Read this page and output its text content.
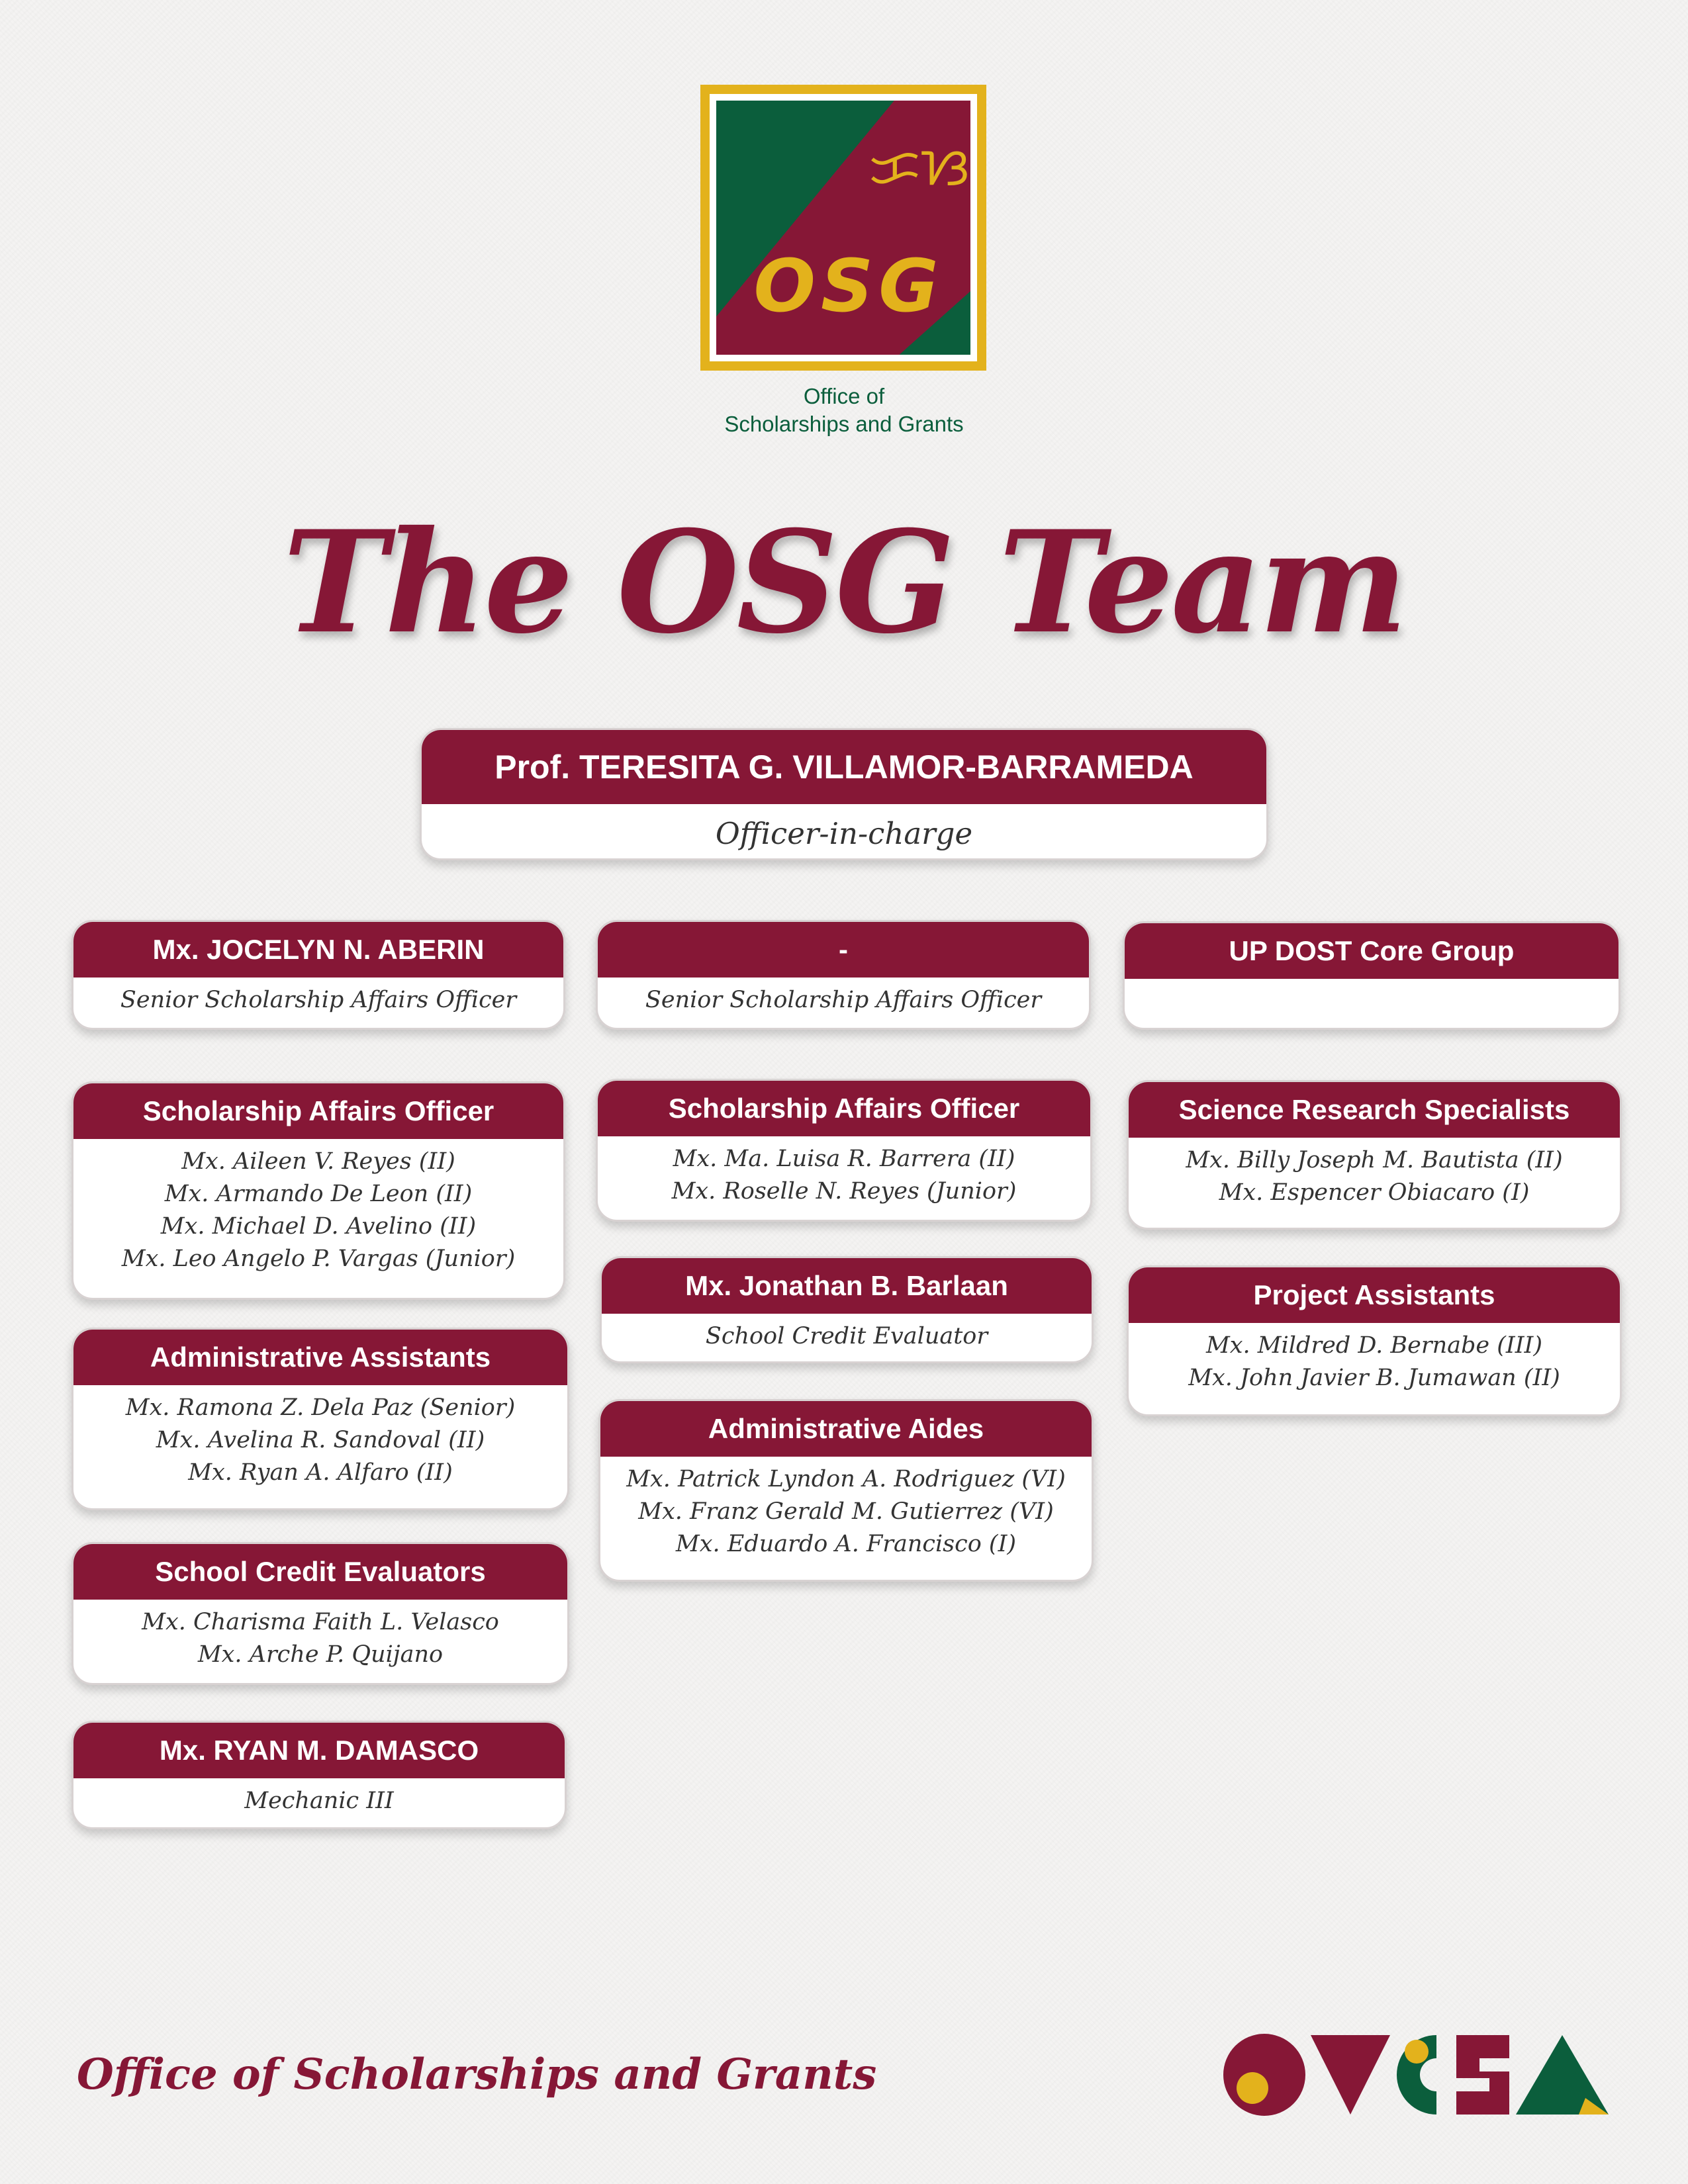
ᜃᜐ
OSG
Office of
Scholarships and Grants
The OSG Team
Prof. TERESITA G. VILLAMOR-BARRAMEDA
Officer-in-charge
Mx. JOCELYN N. ABERIN
Senior Scholarship Affairs Officer
Scholarship Affairs Officer
Mx. Aileen V. Reyes (II)
Mx. Armando De Leon (II)
Mx. Michael D. Avelino (II)
Mx. Leo Angelo P. Vargas (Junior)
Administrative Assistants
Mx. Ramona Z. Dela Paz (Senior)
Mx. Avelina R. Sandoval (II)
Mx. Ryan A. Alfaro (II)
School Credit Evaluators
Mx. Charisma Faith L. Velasco
Mx. Arche P. Quijano
Mx. RYAN M. DAMASCO
Mechanic III
-
Senior Scholarship Affairs Officer
Scholarship Affairs Officer
Mx. Ma. Luisa R. Barrera (II)
Mx. Roselle N. Reyes (Junior)
Mx. Jonathan B. Barlaan
School Credit Evaluator
Administrative Aides
Mx. Patrick Lyndon A. Rodriguez (VI)
Mx. Franz Gerald M. Gutierrez (VI)
Mx. Eduardo A. Francisco (I)
UP DOST Core Group
Science Research Specialists
Mx. Billy Joseph M. Bautista (II)
Mx. Espencer Obiacaro (I)
Project Assistants
Mx. Mildred D. Bernabe (III)
Mx. John Javier B. Jumawan (II)
Office of Scholarships and Grants
